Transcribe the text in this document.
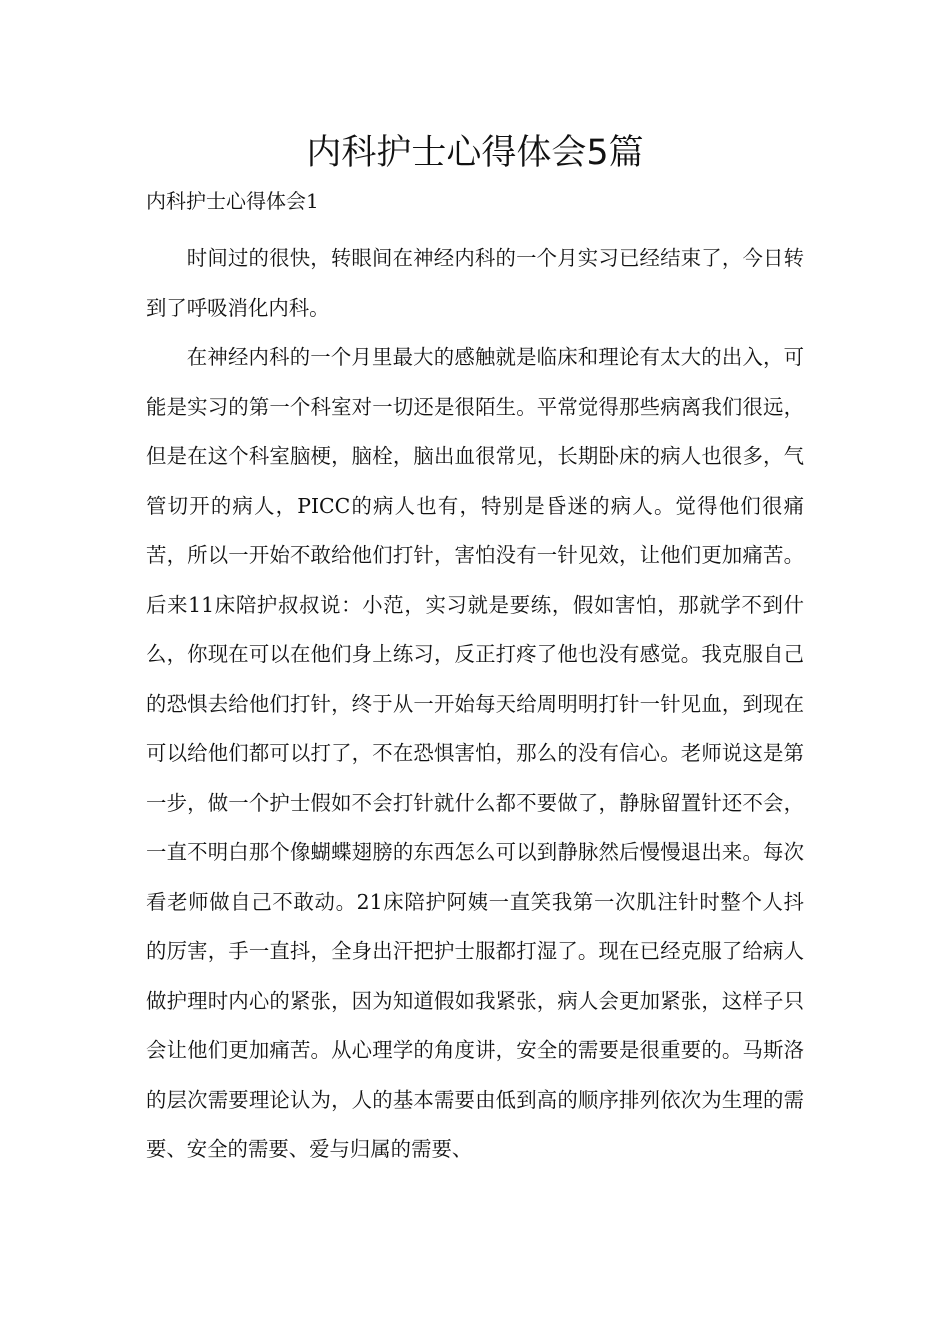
内科护士心得体会5篇
内科护士心得体会1

时间过的很快，转眼间在神经内科的一个月实习已经结束了，今日转到了呼吸消化内科。

在神经内科的一个月里最大的感触就是临床和理论有太大的出入，可能是实习的第一个科室对一切还是很陌生。平常觉得那些病离我们很远，但是在这个科室脑梗，脑栓，脑出血很常见，长期卧床的病人也很多，气管切开的病人，PICC的病人也有，特别是昏迷的病人。觉得他们很痛苦，所以一开始不敢给他们打针，害怕没有一针见效，让他们更加痛苦。后来11床陪护叔叔说：小范，实习就是要练，假如害怕，那就学不到什么，你现在可以在他们身上练习，反正打疼了他也没有感觉。我克服自己的恐惧去给他们打针，终于从一开始每天给周明明打针一针见血，到现在可以给他们都可以打了，不在恐惧害怕，那么的没有信心。老师说这是第一步，做一个护士假如不会打针就什么都不要做了，静脉留置针还不会，一直不明白那个像蝴蝶翅膀的东西怎么可以到静脉然后慢慢退出来。每次看老师做自己不敢动。21床陪护阿姨一直笑我第一次肌注针时整个人抖的厉害，手一直抖，全身出汗把护士服都打湿了。现在已经克服了给病人做护理时内心的紧张，因为知道假如我紧张，病人会更加紧张，这样子只会让他们更加痛苦。从心理学的角度讲，安全的需要是很重要的。马斯洛的层次需要理论认为，人的基本需要由低到高的顺序排列依次为生理的需要、安全的需要、爱与归属的需要、
